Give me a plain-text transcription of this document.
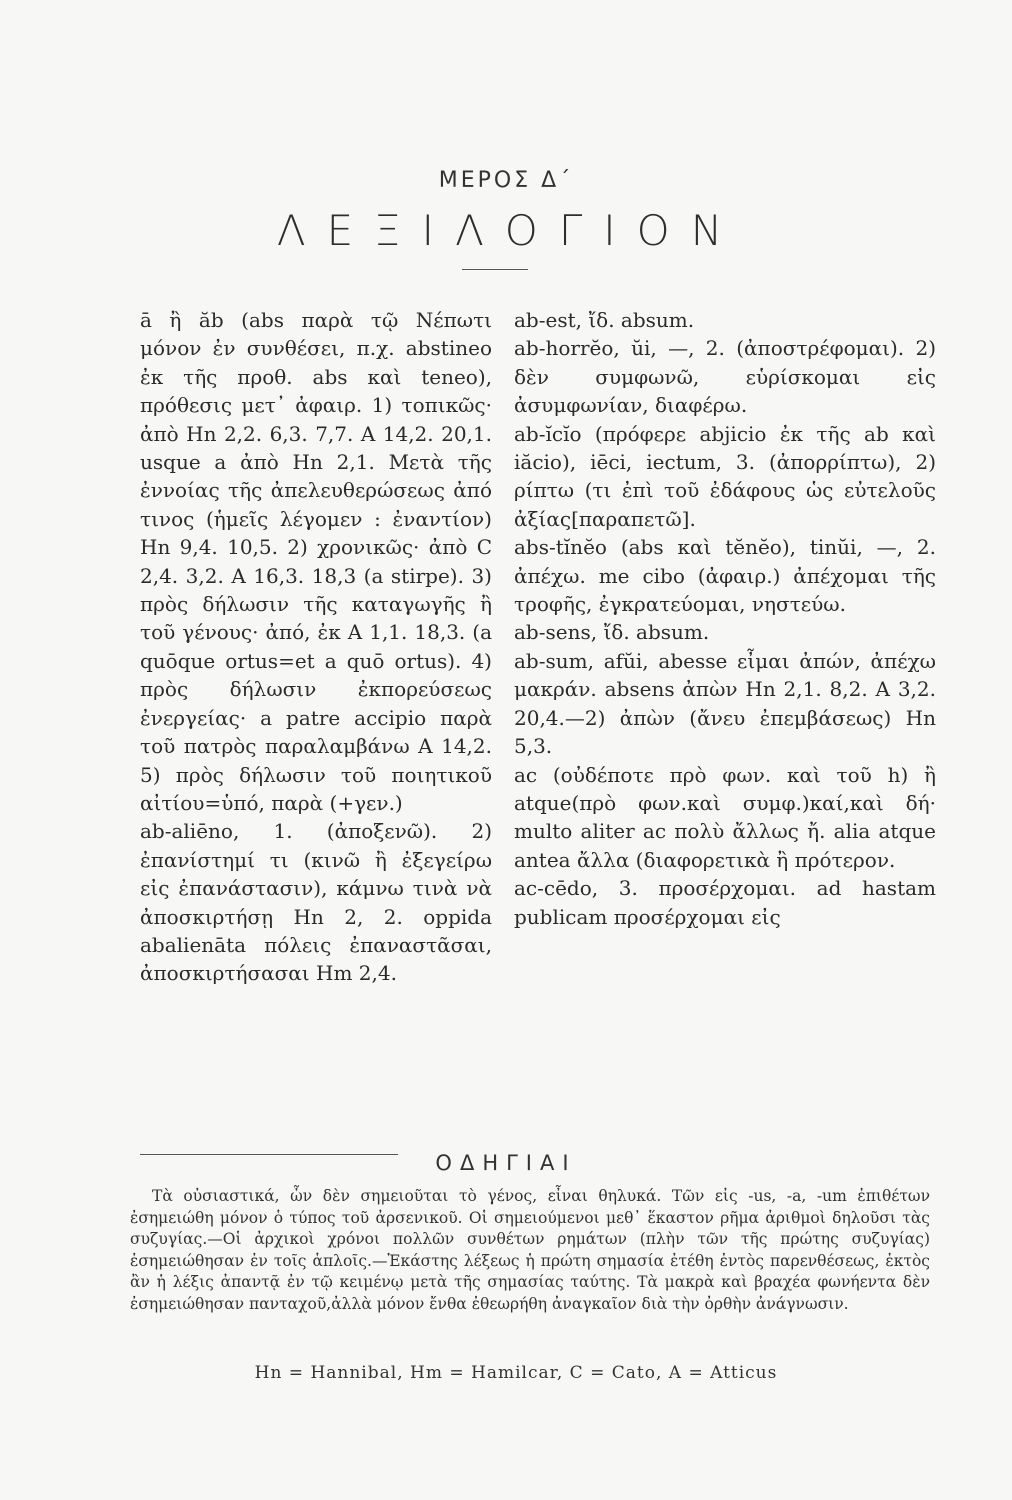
ΜΕΡΟΣ Δ΄
ΛΕΞΙΛΟΓΙΟΝ

ā ἢ ăb (abs παρὰ τῷ Νέπωτι μόνον ἐν συνθέσει, π.χ. abstineo ἐκ τῆς προθ. abs καὶ teneo), πρόθεσις μετ᾿ ἀφαιρ. 1) τοπικῶς· ἀπὸ Hn 2,2. 6,3. 7,7. A 14,2. 20,1. usque a ἀπὸ Hn 2,1. Μετὰ τῆς ἐννοίας τῆς ἀπελευθερώσεως ἀπό τινος (ἡμεῖς λέγομεν : ἐναντίον) Hn 9,4. 10,5. 2) χρονικῶς· ἀπὸ C 2,4. 3,2. A 16,3. 18,3 (a stirpe). 3) πρὸς δήλωσιν τῆς καταγωγῆς ἢ τοῦ γένους· ἀπό, ἐκ A 1,1. 18,3. (a quōque ortus=et a quō ortus). 4) πρὸς δήλωσιν ἐκπορεύσεως ἐνεργείας· a patre accipio παρὰ τοῦ πατρὸς παραλαμβάνω A 14,2. 5) πρὸς δήλωσιν τοῦ ποιητικοῦ αἰτίου=ὑπό, παρὰ (+γεν.)

ab-aliēno, 1. (ἀποξενῶ). 2) ἐπανίστημί τι (κινῶ ἢ ἐξεγείρω εἰς ἐπανάστασιν), κάμνω τινὰ νὰ ἀποσκιρτήσῃ Hn 2, 2. oppida abalienāta πόλεις ἐπαναστᾶσαι, ἀποσκιρτήσασαι Hm 2,4.

ab-est, ἴδ. absum.

ab-horrĕo, ŭi, —, 2. (ἀποστρέφομαι). 2) δὲν συμφωνῶ, εὑρίσκομαι εἰς ἀσυμφωνίαν, διαφέρω.

ab-ĭcĭo (πρόφερε abjicio ἐκ τῆς ab καὶ iăcio), iēci, iectum, 3. (ἀπορρίπτω), 2) ρίπτω (τι ἐπὶ τοῦ ἐδάφους ὡς εὐτελοῦς ἀξίας[παραπετῶ].

abs-tĭnĕo (abs καὶ tĕnĕo), tinŭi, —, 2. ἀπέχω. me cibo (ἀφαιρ.) ἀπέχομαι τῆς τροφῆς, ἐγκρατεύομαι, νηστεύω.

ab-sens, ἴδ. absum.

ab-sum, afŭi, abesse εἶμαι ἀπών, ἀπέχω μακράν. absens ἀπὼν Hn 2,1. 8,2. A 3,2. 20,4.—2) ἀπὼν (ἄνευ ἐπεμβάσεως) Hn 5,3.

ac (οὐδέποτε πρὸ φων. καὶ τοῦ h) ἢ atque(πρὸ φων.καὶ συμφ.)καί,καὶ δή· multo aliter ac πολὺ ἄλλως ἤ. alia atque antea ἄλλα (διαφορετικὰ ἢ πρότερον.

ac-cēdo, 3. προσέρχομαι. ad hastam publicam προσέρχομαι εἰς

ΟΔΗΓΙΑΙ

Τὰ οὐσιαστικά, ὧν δὲν σημειοῦται τὸ γένος, εἶναι θηλυκά. Τῶν εἰς -us, -a, -um ἐπιθέτων ἐσημειώθη μόνον ὁ τύπος τοῦ ἀρσενικοῦ. Οἱ σημειούμενοι μεθ᾿ ἕκαστον ρῆμα ἀριθμοὶ δηλοῦσι τὰς συζυγίας.—Οἱ ἀρχικοὶ χρόνοι πολλῶν συνθέτων ρημάτων (πλὴν τῶν τῆς πρώτης συζυγίας) ἐσημειώθησαν ἐν τοῖς ἁπλοῖς.—Ἑκάστης λέξεως ἡ πρώτη σημασία ἐτέθη ἐντὸς παρενθέσεως, ἐκτὸς ἂν ἡ λέξις ἀπαντᾷ ἐν τῷ κειμένῳ μετὰ τῆς σημασίας ταύτης. Τὰ μακρὰ καὶ βραχέα φωνήεντα δὲν ἐσημειώθησαν πανταχοῦ,ἀλλὰ μόνον ἔνθα ἐθεωρήθη ἀναγκαῖον διὰ τὴν ὀρθὴν ἀνάγνωσιν.

Hn = Hannibal, Hm = Hamilcar, C = Cato, A = Atticus
